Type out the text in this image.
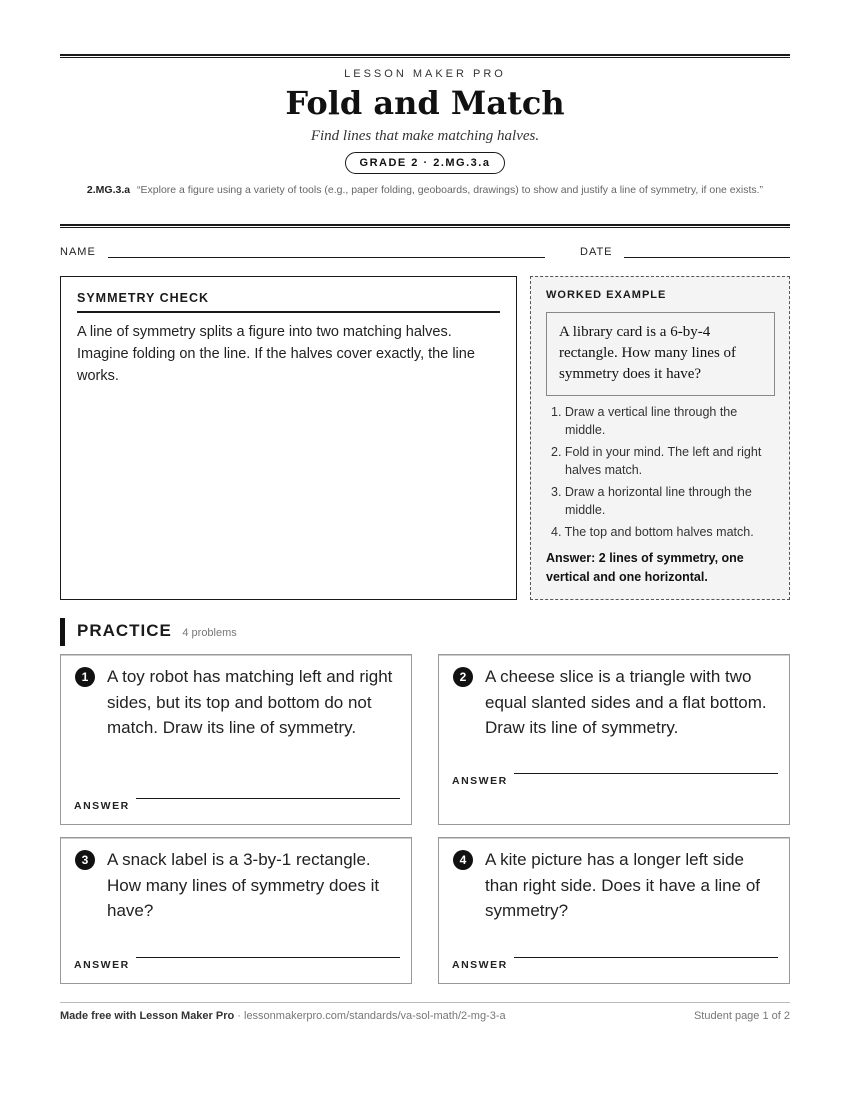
LESSON MAKER PRO
Fold and Match
Find lines that make matching halves.
GRADE 2 · 2.MG.3.a
2.MG.3.a “Explore a figure using a variety of tools (e.g., paper folding, geoboards, drawings) to show and justify a line of symmetry, if one exists.”
NAME	DATE
SYMMETRY CHECK
A line of symmetry splits a figure into two matching halves. Imagine folding on the line. If the halves cover exactly, the line works.
WORKED EXAMPLE
A library card is a 6-by-4 rectangle. How many lines of symmetry does it have?
1. Draw a vertical line through the middle.
2. Fold in your mind. The left and right halves match.
3. Draw a horizontal line through the middle.
4. The top and bottom halves match.
Answer: 2 lines of symmetry, one vertical and one horizontal.
PRACTICE 4 problems
1	A toy robot has matching left and right sides, but its top and bottom do not match. Draw its line of symmetry.
ANSWER
2	A cheese slice is a triangle with two equal slanted sides and a flat bottom. Draw its line of symmetry.
ANSWER
3	A snack label is a 3-by-1 rectangle. How many lines of symmetry does it have?
ANSWER
4	A kite picture has a longer left side than right side. Does it have a line of symmetry?
ANSWER
Made free with Lesson Maker Pro · lessonmakerpro.com/standards/va-sol-math/2-mg-3-a	Student page 1 of 2
